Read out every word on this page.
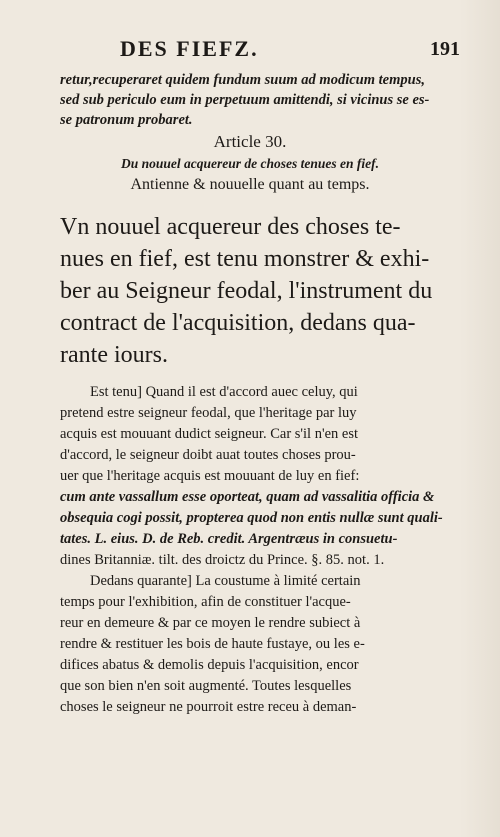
DES FIEFZ.	191
retur,recuperaret quidem fundum suum ad modicum tempus,
sed sub periculo eum in perpetuum amittendi, si vicinus se es-
se patronum probaret.
Article 30.
Du nouuel acquereur de choses tenues en fief.
Antienne & nouuelle quant au temps.
Vn nouuel acquereur des choses te-
nues en fief, est tenu monstrer & exhi-
ber au Seigneur feodal, l'instrument du
contract de l'acquisition, dedans qua-
rante iours.
Est tenu] Quand il est d'accord auec celuy, qui
pretend estre seigneur feodal, que l'heritage par luy
acquis est mouuant dudict seigneur. Car s'il n'en est
d'accord, le seigneur doibt auat toutes choses prou-
uer que l'heritage acquis est mouuant de luy en fief:
cum ante vassallum esse oporteat, quam ad vassalitia officia &
obsequia cogi possit, propterea quod non entis nullæ sunt quali-
tates. L. eius. D. de Reb. credit. Argentræus in consuetu-
dines Britanniæ. tilt. des droictz du Prince. §. 85. not. 1.
Dedans quarante] La coustume à limité certain
temps pour l'exhibition, afin de constituer l'acque-
reur en demeure & par ce moyen le rendre subiect à
rendre & restituer les bois de haute fustaye, ou les e-
difices abatus & demolis depuis l'acquisition, encor
que son bien n'en soit augmenté. Toutes lesquelles
choses le seigneur ne pourroit estre receu à deman-
